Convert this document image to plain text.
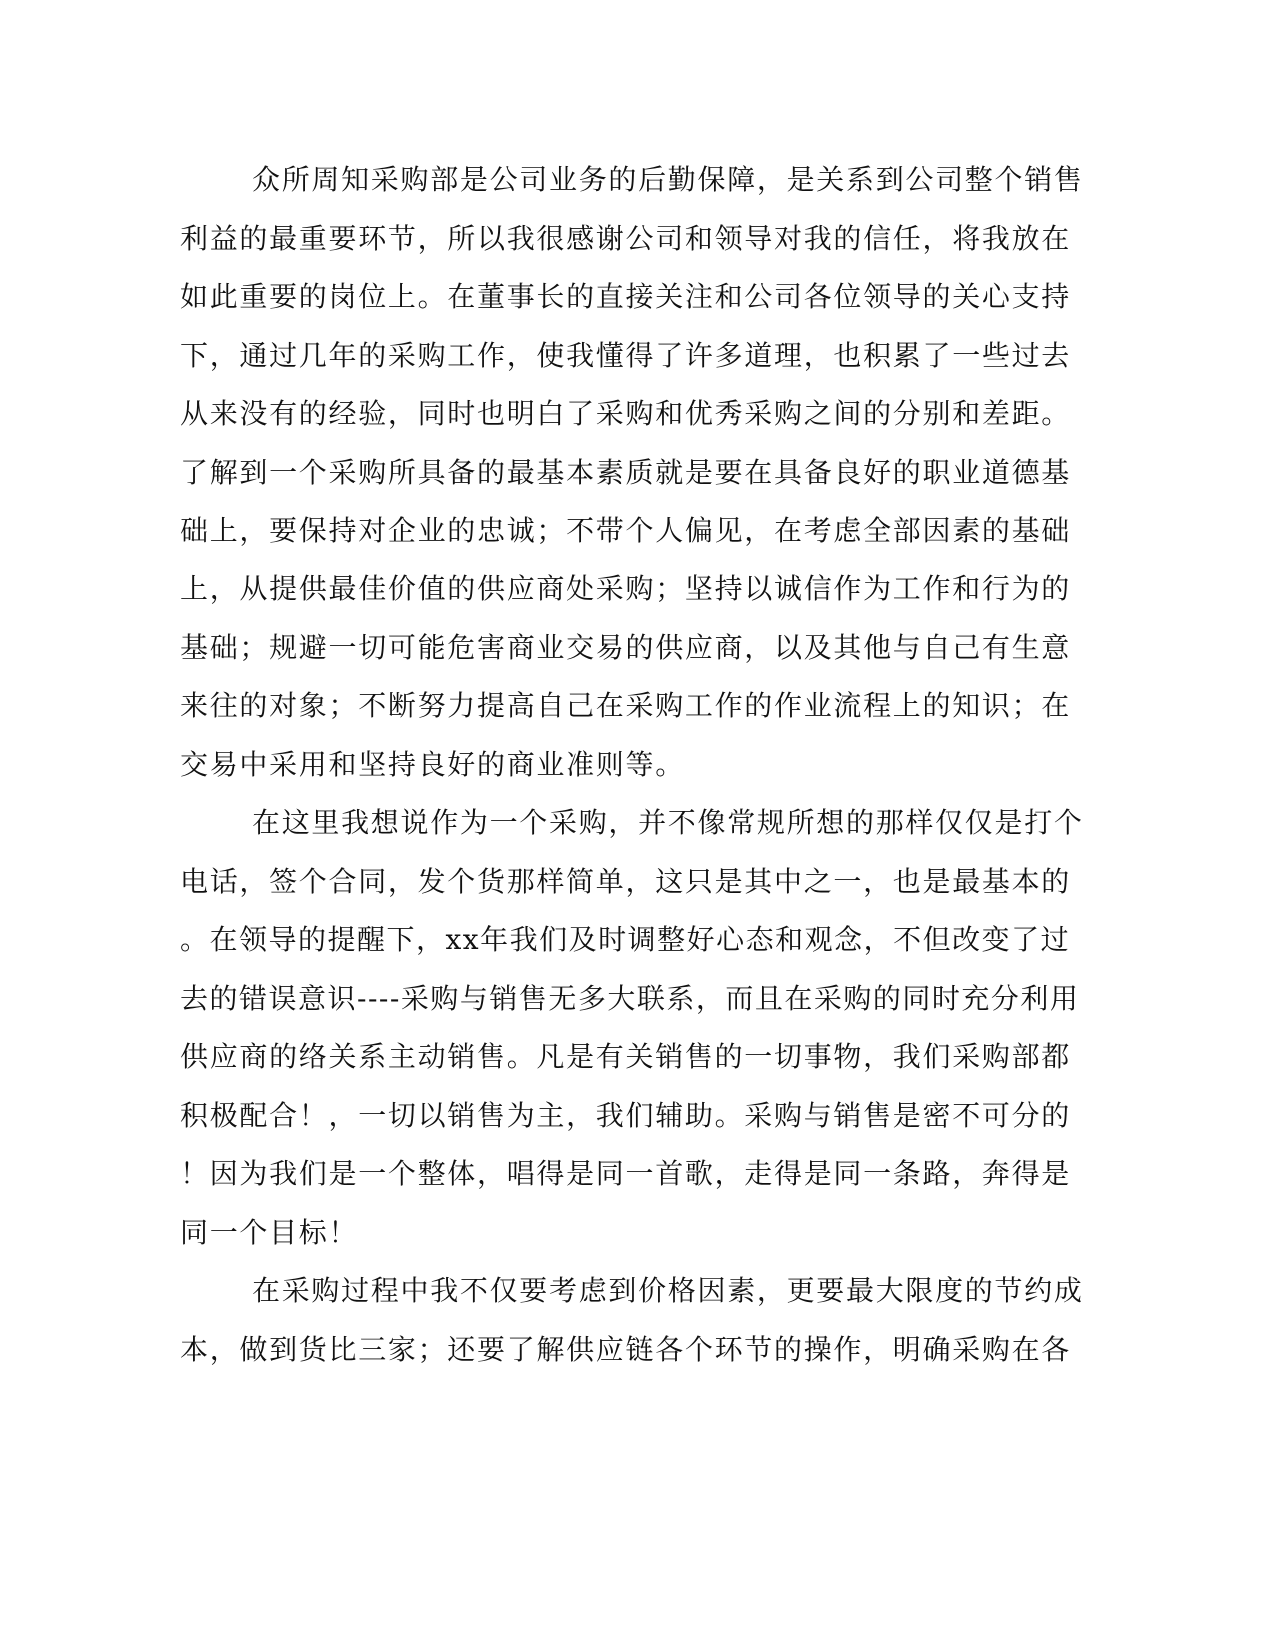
众所周知采购部是公司业务的后勤保障，是关系到公司整个销售

利益的最重要环节，所以我很感谢公司和领导对我的信任，将我放在

如此重要的岗位上。在董事长的直接关注和公司各位领导的关心支持

下，通过几年的采购工作，使我懂得了许多道理，也积累了一些过去

从来没有的经验，同时也明白了采购和优秀采购之间的分别和差距。

了解到一个采购所具备的最基本素质就是要在具备良好的职业道德基

础上，要保持对企业的忠诚；不带个人偏见，在考虑全部因素的基础

上，从提供最佳价值的供应商处采购；坚持以诚信作为工作和行为的

基础；规避一切可能危害商业交易的供应商，以及其他与自己有生意

来往的对象；不断努力提高自己在采购工作的作业流程上的知识；在

交易中采用和坚持良好的商业准则等。

在这里我想说作为一个采购，并不像常规所想的那样仅仅是打个

电话，签个合同，发个货那样简单，这只是其中之一，也是最基本的

。在领导的提醒下，xx年我们及时调整好心态和观念，不但改变了过

去的错误意识----采购与销售无多大联系，而且在采购的同时充分利用

供应商的络关系主动销售。凡是有关销售的一切事物，我们采购部都

积极配合！，一切以销售为主，我们辅助。采购与销售是密不可分的

！因为我们是一个整体，唱得是同一首歌，走得是同一条路，奔得是

同一个目标！

在采购过程中我不仅要考虑到价格因素，更要最大限度的节约成

本，做到货比三家；还要了解供应链各个环节的操作，明确采购在各
